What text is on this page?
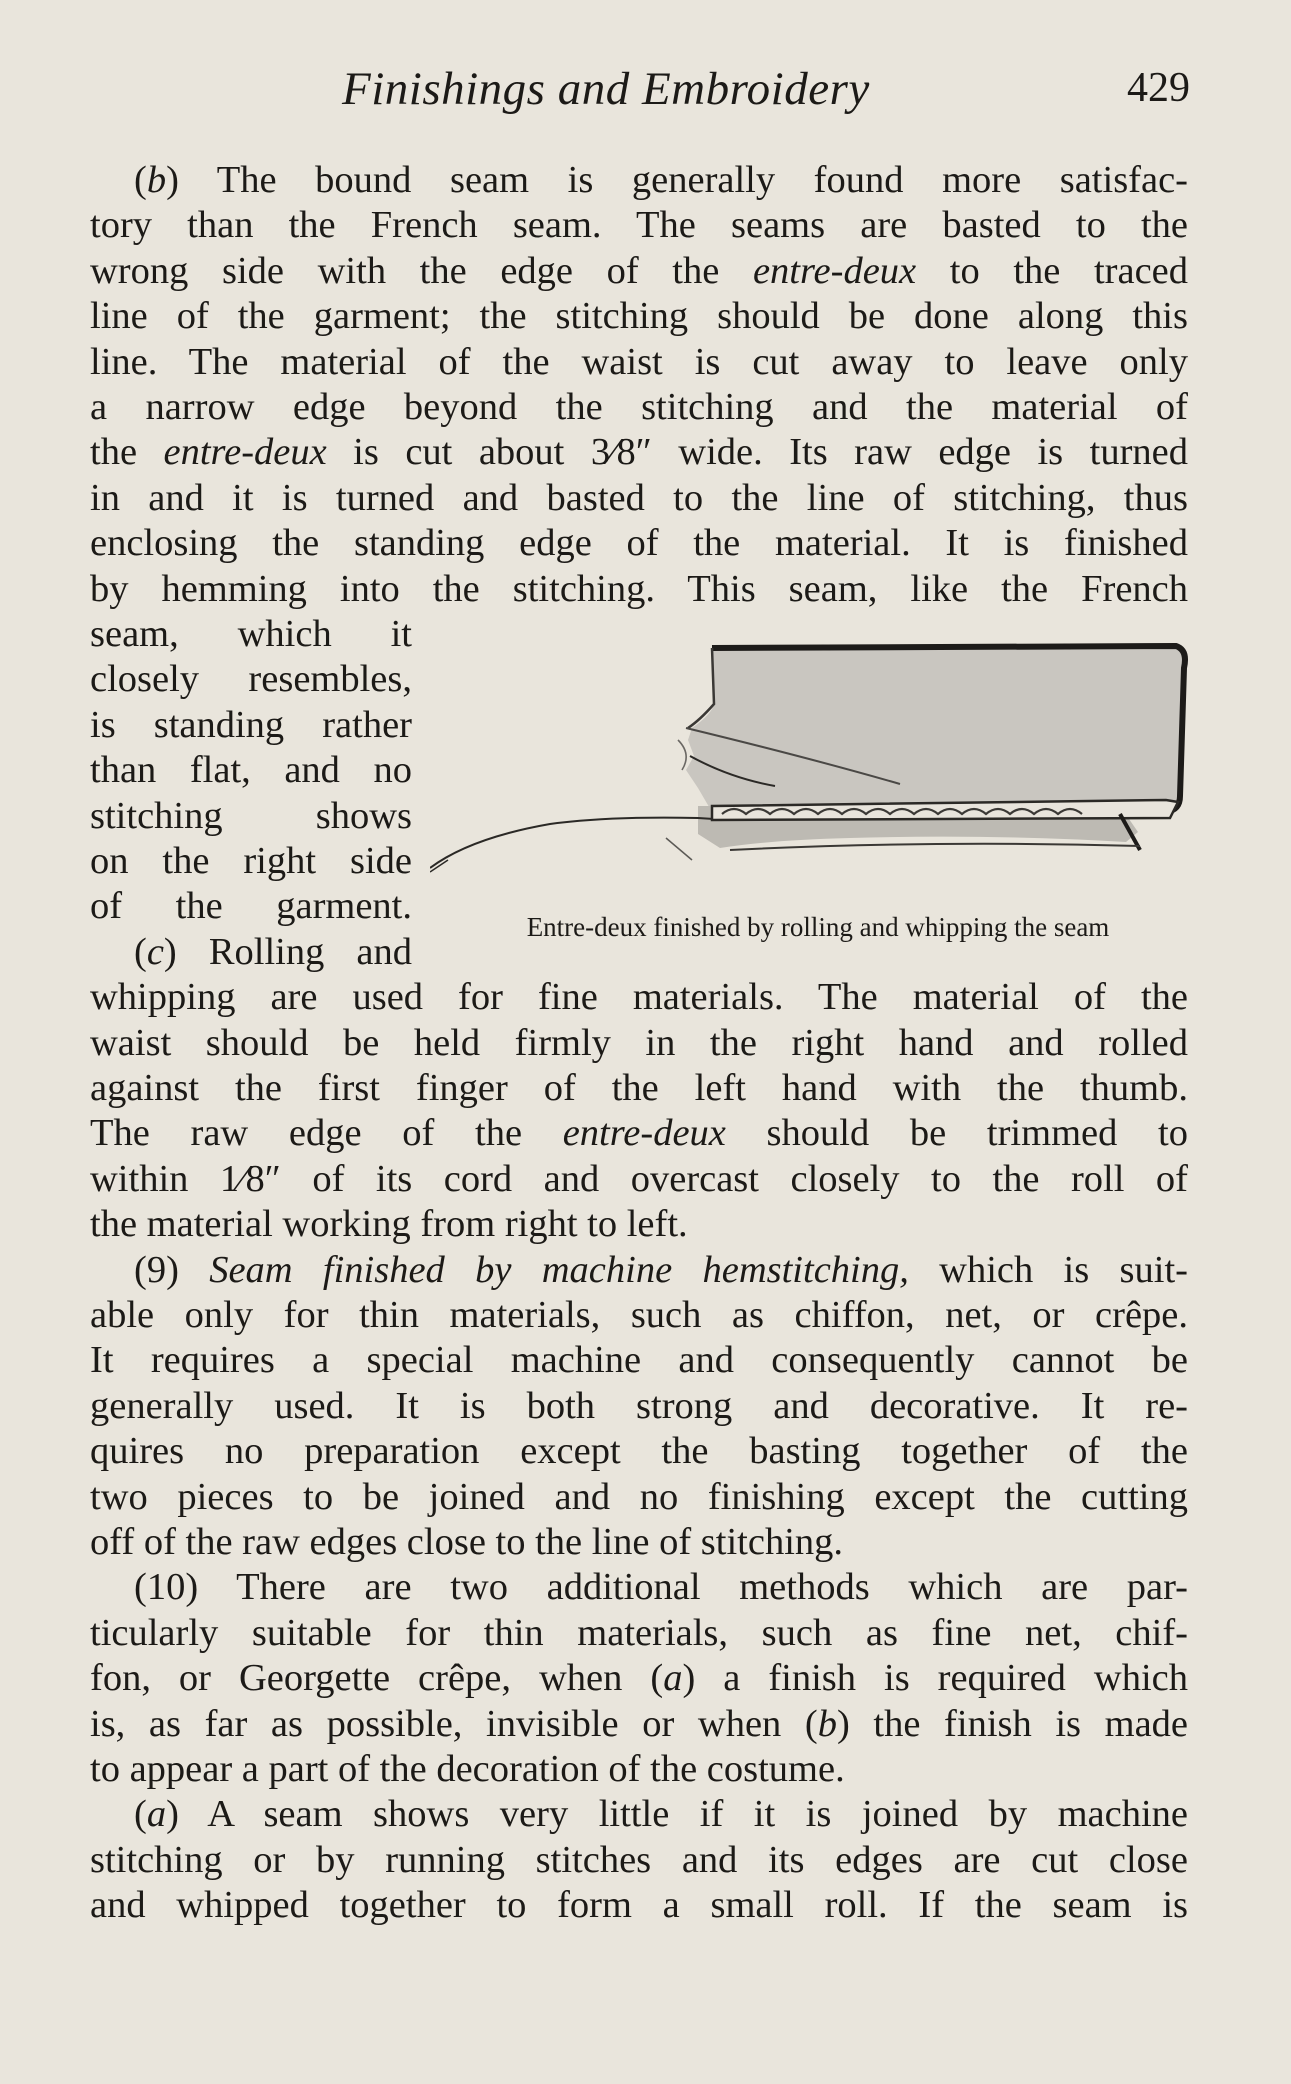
Finishings and Embroidery	429
(b) The bound seam is generally found more satisfac-
tory than the French seam. The seams are basted to the
wrong side with the edge of the entre-deux to the traced
line of the garment; the stitching should be done along this
line. The material of the waist is cut away to leave only
a narrow edge beyond the stitching and the material of
the entre-deux is cut about 3⁄8″ wide. Its raw edge is turned
in and it is turned and basted to the line of stitching, thus
enclosing the standing edge of the material. It is finished
by hemming into the stitching. This seam, like the French
seam, which it
closely resembles,
is standing rather
than flat, and no
stitching shows
on the right side
of the garment.
(c) Rolling and
whipping are used for fine materials. The material of the
waist should be held firmly in the right hand and rolled
against the first finger of the left hand with the thumb.
The raw edge of the entre-deux should be trimmed to
within 1⁄8″ of its cord and overcast closely to the roll of
the material working from right to left.
(9) Seam finished by machine hemstitching, which is suit-
able only for thin materials, such as chiffon, net, or crêpe.
It requires a special machine and consequently cannot be
generally used. It is both strong and decorative. It re-
quires no preparation except the basting together of the
two pieces to be joined and no finishing except the cutting
off of the raw edges close to the line of stitching.
(10) There are two additional methods which are par-
ticularly suitable for thin materials, such as fine net, chif-
fon, or Georgette crêpe, when (a) a finish is required which
is, as far as possible, invisible or when (b) the finish is made
to appear a part of the decoration of the costume.
(a) A seam shows very little if it is joined by machine
stitching or by running stitches and its edges are cut close
and whipped together to form a small roll. If the seam is
Entre-deux finished by rolling and whipping the seam
